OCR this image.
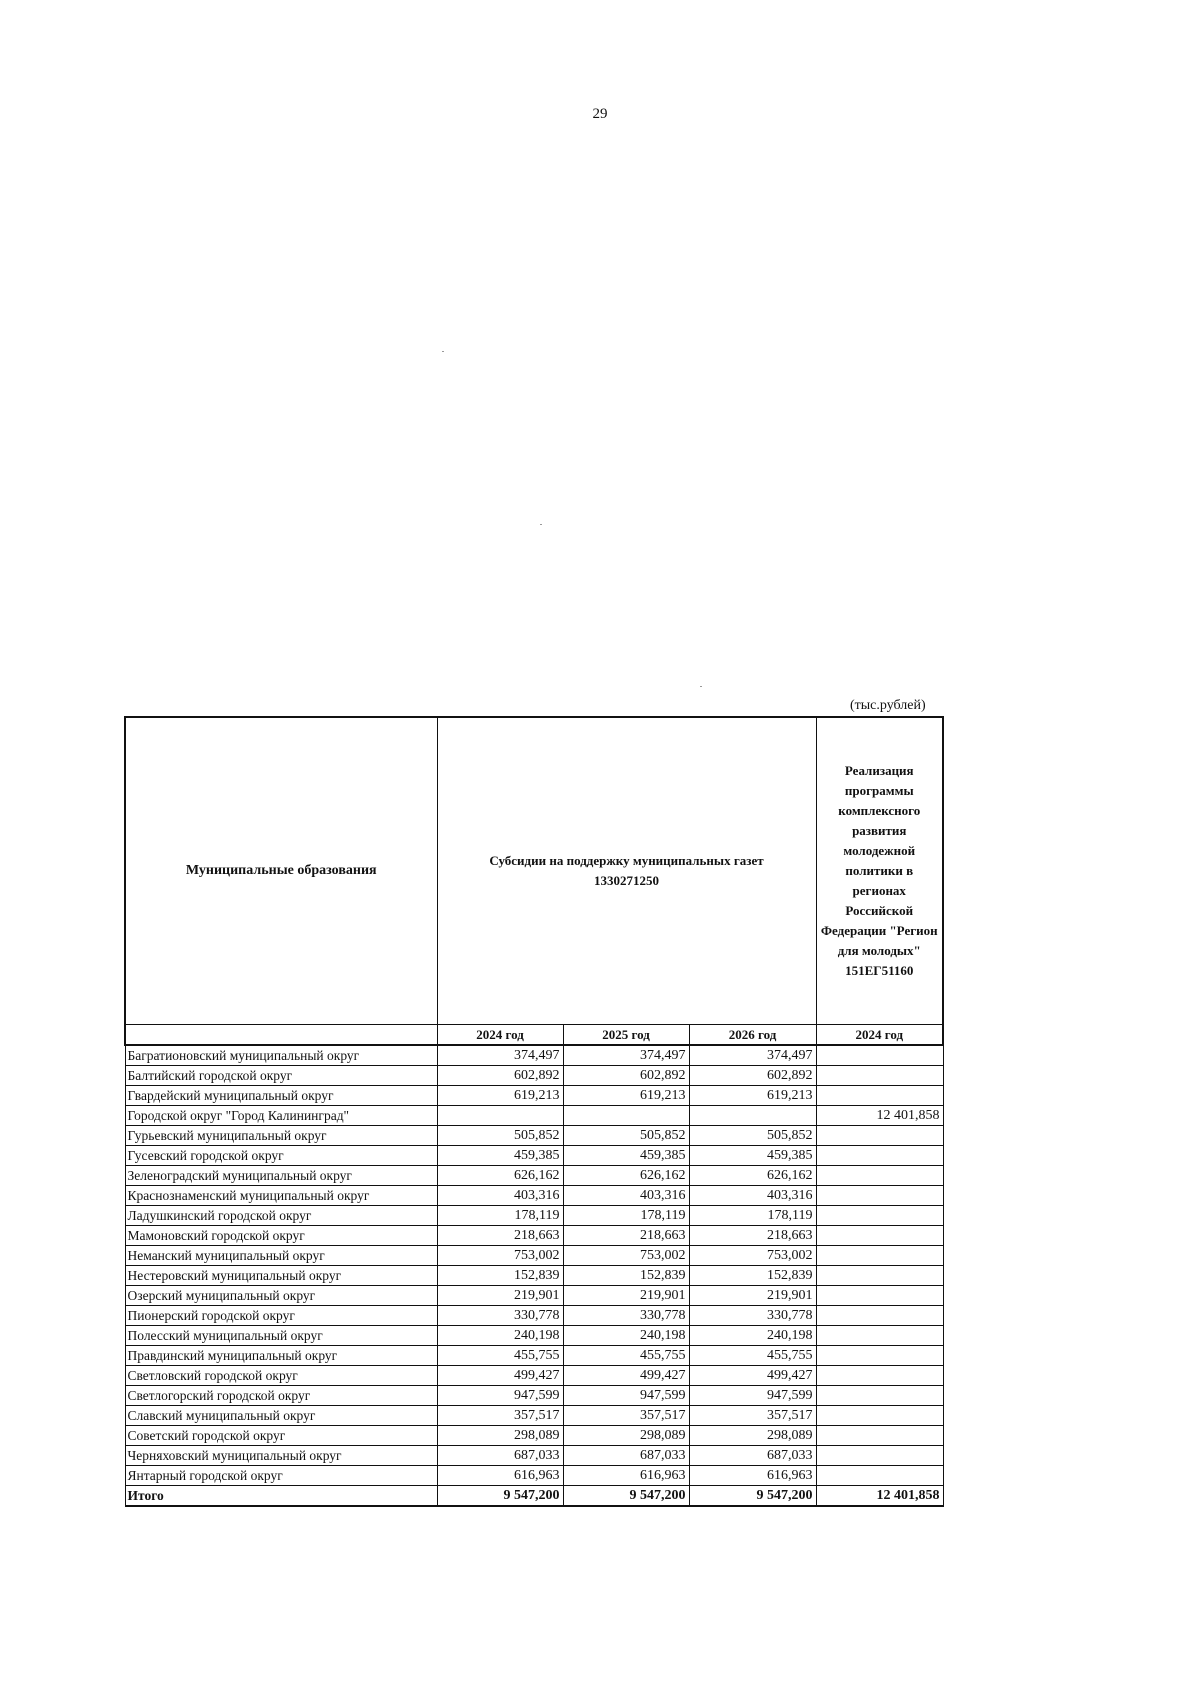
29
(тыс.рублей)
Муниципальные образования	Субсидии на поддержку муниципальных газет 1330271250			Реализация программы комплексного развития молодежной политики в регионах Российской Федерации "Регион для молодых" 151ЕГ51160
	2024 год	2025 год	2026 год	2024 год
Багратионовский муниципальный округ	374,497	374,497	374,497	
Балтийский городской округ	602,892	602,892	602,892	
Гвардейский муниципальный округ	619,213	619,213	619,213	
Городской округ "Город Калининград"				12 401,858
Гурьевский муниципальный округ	505,852	505,852	505,852	
Гусевский городской округ	459,385	459,385	459,385	
Зеленоградский муниципальный округ	626,162	626,162	626,162	
Краснознаменский муниципальный округ	403,316	403,316	403,316	
Ладушкинский городской округ	178,119	178,119	178,119	
Мамоновский городской округ	218,663	218,663	218,663	
Неманский муниципальный округ	753,002	753,002	753,002	
Нестеровский муниципальный округ	152,839	152,839	152,839	
Озерский муниципальный округ	219,901	219,901	219,901	
Пионерский городской округ	330,778	330,778	330,778	
Полесский муниципальный округ	240,198	240,198	240,198	
Правдинский муниципальный округ	455,755	455,755	455,755	
Светловский городской округ	499,427	499,427	499,427	
Светлогорский городской округ	947,599	947,599	947,599	
Славский муниципальный округ	357,517	357,517	357,517	
Советский городской округ	298,089	298,089	298,089	
Черняховский муниципальный округ	687,033	687,033	687,033	
Янтарный городской округ	616,963	616,963	616,963	
Итого	9 547,200	9 547,200	9 547,200	12 401,858
